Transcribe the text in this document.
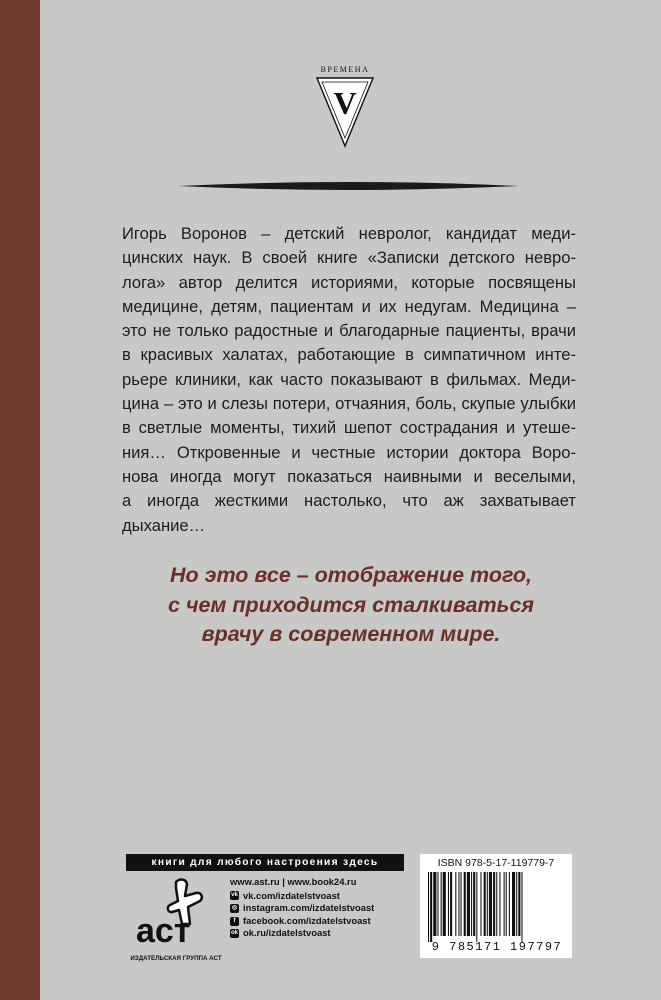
ВРЕМЕНА
V
Игорь Воронов – детский невролог, кандидат меди-
цинских наук. В своей книге «Записки детского невро-
лога» автор делится историями, которые посвящены
медицине, детям, пациентам и их недугам. Медицина –
это не только радостные и благодарные пациенты, врачи
в красивых халатах, работающие в симпатичном инте-
рьере клиники, как часто показывают в фильмах. Меди-
цина – это и слезы потери, отчаяния, боль, скупые улыбки
в светлые моменты, тихий шепот сострадания и утеше-
ния… Откровенные и честные истории доктора Воро-
нова иногда могут показаться наивными и веселыми,
а иногда жесткими настолько, что аж захватывает
дыхание…
Но это все – отображение того,
с чем приходится сталкиваться
врачу в современном мире.
книги для любого настроения здесь
аст
ИЗДАТЕЛЬСКАЯ ГРУППА АСТ
www.ast.ru | www.book24.ru
vk vk.com/izdatelstvoast
◎ instagram.com/izdatelstvoast
f facebook.com/izdatelstvoast
ok ok.ru/izdatelstvoast
ISBN 978-5-17-119779-7
9 785171 197797
